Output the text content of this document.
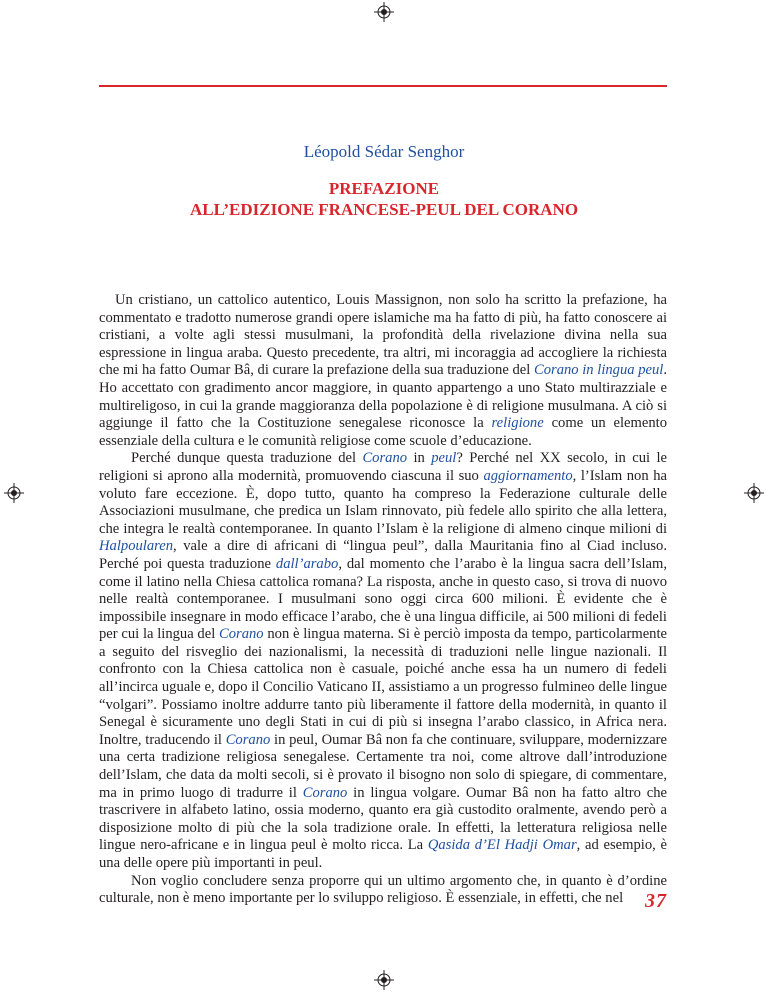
Léopold Sédar Senghor
PREFAZIONE
ALL’EDIZIONE FRANCESE-PEUL DEL CORANO

Un cristiano, un cattolico autentico, Louis Massignon, non solo ha scritto la prefazione, ha commentato e tradotto numerose grandi opere islamiche ma ha fatto di più, ha fatto conoscere ai cristiani, a volte agli stessi musulmani, la profondità della rivelazione divina nella sua espressione in lingua araba. Questo precedente, tra altri, mi incoraggia ad accogliere la richiesta che mi ha fatto Oumar Bâ, di curare la prefazione della sua traduzione del Corano in lingua peul. Ho accettato con gradimento ancor maggiore, in quanto appartengo a uno Stato multirazziale e multireligoso, in cui la grande maggioranza della popolazione è di religione musulmana. A ciò si aggiunge il fatto che la Costituzione senegalese riconosce la religione come un elemento essenziale della cultura e le comunità religiose come scuole d’educazione.

Perché dunque questa traduzione del Corano in peul? Perché nel XX secolo, in cui le religioni si aprono alla modernità, promuovendo ciascuna il suo aggiornamento, l’Islam non ha voluto fare eccezione. È, dopo tutto, quanto ha compreso la Federazione culturale delle Associazioni musulmane, che predica un Islam rinnovato, più fedele allo spirito che alla lettera, che integra le realtà contemporanee. In quanto l’Islam è la religione di almeno cinque milioni di Halpoularen, vale a dire di africani di “lingua peul”, dalla Mauritania fino al Ciad incluso. Perché poi questa traduzione dall’arabo, dal momento che l’arabo è la lingua sacra dell’Islam, come il latino nella Chiesa cattolica romana? La risposta, anche in questo caso, si trova di nuovo nelle realtà contemporanee. I musulmani sono oggi circa 600 milioni. È evidente che è impossibile insegnare in modo efficace l’arabo, che è una lingua difficile, ai 500 milioni di fedeli per cui la lingua del Corano non è lingua materna. Si è perciò imposta da tempo, particolarmente a seguito del risveglio dei nazionalismi, la necessità di traduzioni nelle lingue nazionali. Il confronto con la Chiesa cattolica non è casuale, poiché anche essa ha un numero di fedeli all’incirca uguale e, dopo il Concilio Vaticano II, assistiamo a un progresso fulmineo delle lingue “volgari”. Possiamo inoltre addurre tanto più liberamente il fattore della modernità, in quanto il Senegal è sicuramente uno degli Stati in cui di più si insegna l’arabo classico, in Africa nera. Inoltre, traducendo il Corano in peul, Oumar Bâ non fa che continuare, sviluppare, modernizzare una certa tradizione religiosa senegalese. Certamente tra noi, come altrove dall’introduzione dell’Islam, che data da molti secoli, si è provato il bisogno non solo di spiegare, di commentare, ma in primo luogo di tradurre il Corano in lingua volgare. Oumar Bâ non ha fatto altro che trascrivere in alfabeto latino, ossia moderno, quanto era già custodito oralmente, avendo però a disposizione molto di più che la sola tradizione orale. In effetti, la letteratura religiosa nelle lingue nero-africane e in lingua peul è molto ricca. La Qasida d’El Hadji Omar, ad esempio, è una delle opere più importanti in peul.

Non voglio concludere senza proporre qui un ultimo argomento che, in quanto è d’ordine culturale, non è meno importante per lo sviluppo religioso. È essenziale, in effetti, che nel	37
